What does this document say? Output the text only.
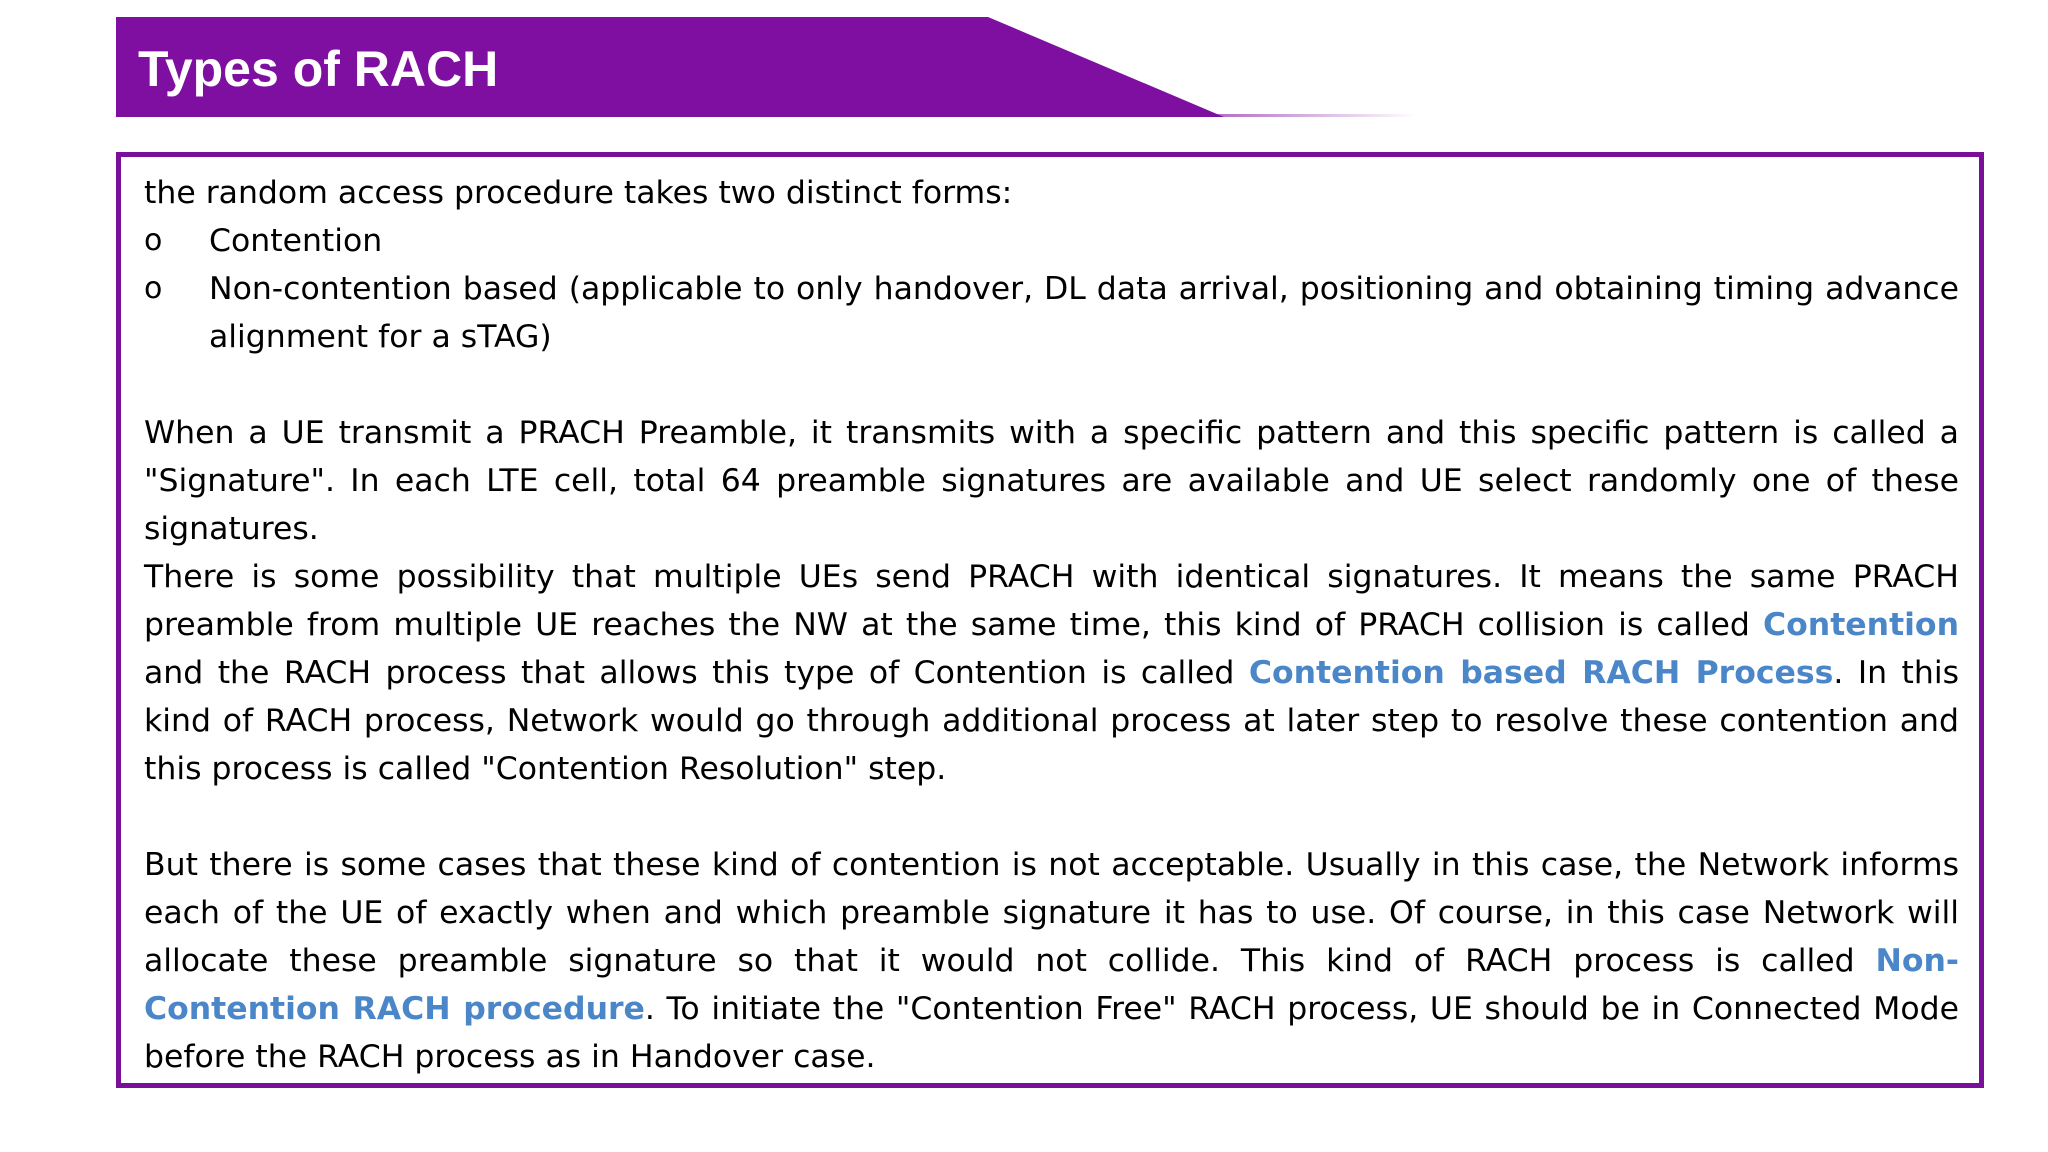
Types of RACH

the random access procedure takes two distinct forms:

o	Contention
o	Non-contention based (applicable to only handover, DL data arrival, positioning and obtaining timing advance alignment for a sTAG)

When a UE transmit a PRACH Preamble, it transmits with a specific pattern and this specific pattern is called a "Signature". In each LTE cell, total 64 preamble signatures are available and UE select randomly one of these signatures.

There is some possibility that multiple UEs send PRACH with identical signatures. It means the same PRACH preamble from multiple UE reaches the NW at the same time, this kind of PRACH collision is called Contention and the RACH process that allows this type of Contention is called Contention based RACH Process. In this kind of RACH process, Network would go through additional process at later step to resolve these contention and this process is called "Contention Resolution" step.

But there is some cases that these kind of contention is not acceptable. Usually in this case, the Network informs each of the UE of exactly when and which preamble signature it has to use. Of course, in this case Network will allocate these preamble signature so that it would not collide. This kind of RACH process is called Non-Contention RACH procedure. To initiate the "Contention Free" RACH process, UE should be in Connected Mode before the RACH process as in Handover case.
